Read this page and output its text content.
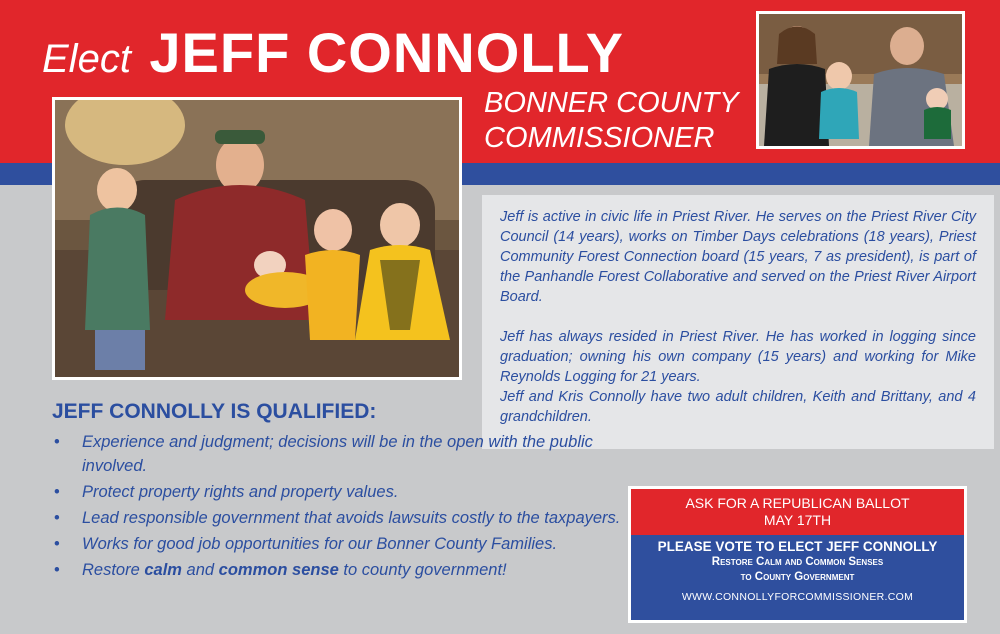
Elect JEFF CONNOLLY
BONNER COUNTY
COMMISSIONER

Jeff is active in civic life in Priest River. He serves on the Priest River City Council (14 years), works on Timber Days celebrations (18 years), Priest Community Forest Connection board (15 years, 7 as president), is part of the Panhandle Forest Collaborative and served on the Priest River Airport Board.

Jeff has always resided in Priest River. He has worked in logging since graduation; owning his own company (15 years) and working for Mike Reynolds Logging for 21 years.

Jeff and Kris Connolly have two adult children, Keith and Brittany, and 4 grandchildren.

JEFF CONNOLLY IS QUALIFIED:
• Experience and judgment; decisions will be in the open with the public involved.
• Protect property rights and property values.
• Lead responsible government that avoids lawsuits costly to the taxpayers.
• Works for good job opportunities for our Bonner County Families.
• Restore calm and common sense to county government!
ASK FOR A REPUBLICAN BALLOT
MAY 17TH
PLEASE VOTE TO ELECT JEFF CONNOLLY
Restore Calm and Common Senses
to County Government
WWW.CONNOLLYFORCOMMISSIONER.COM
